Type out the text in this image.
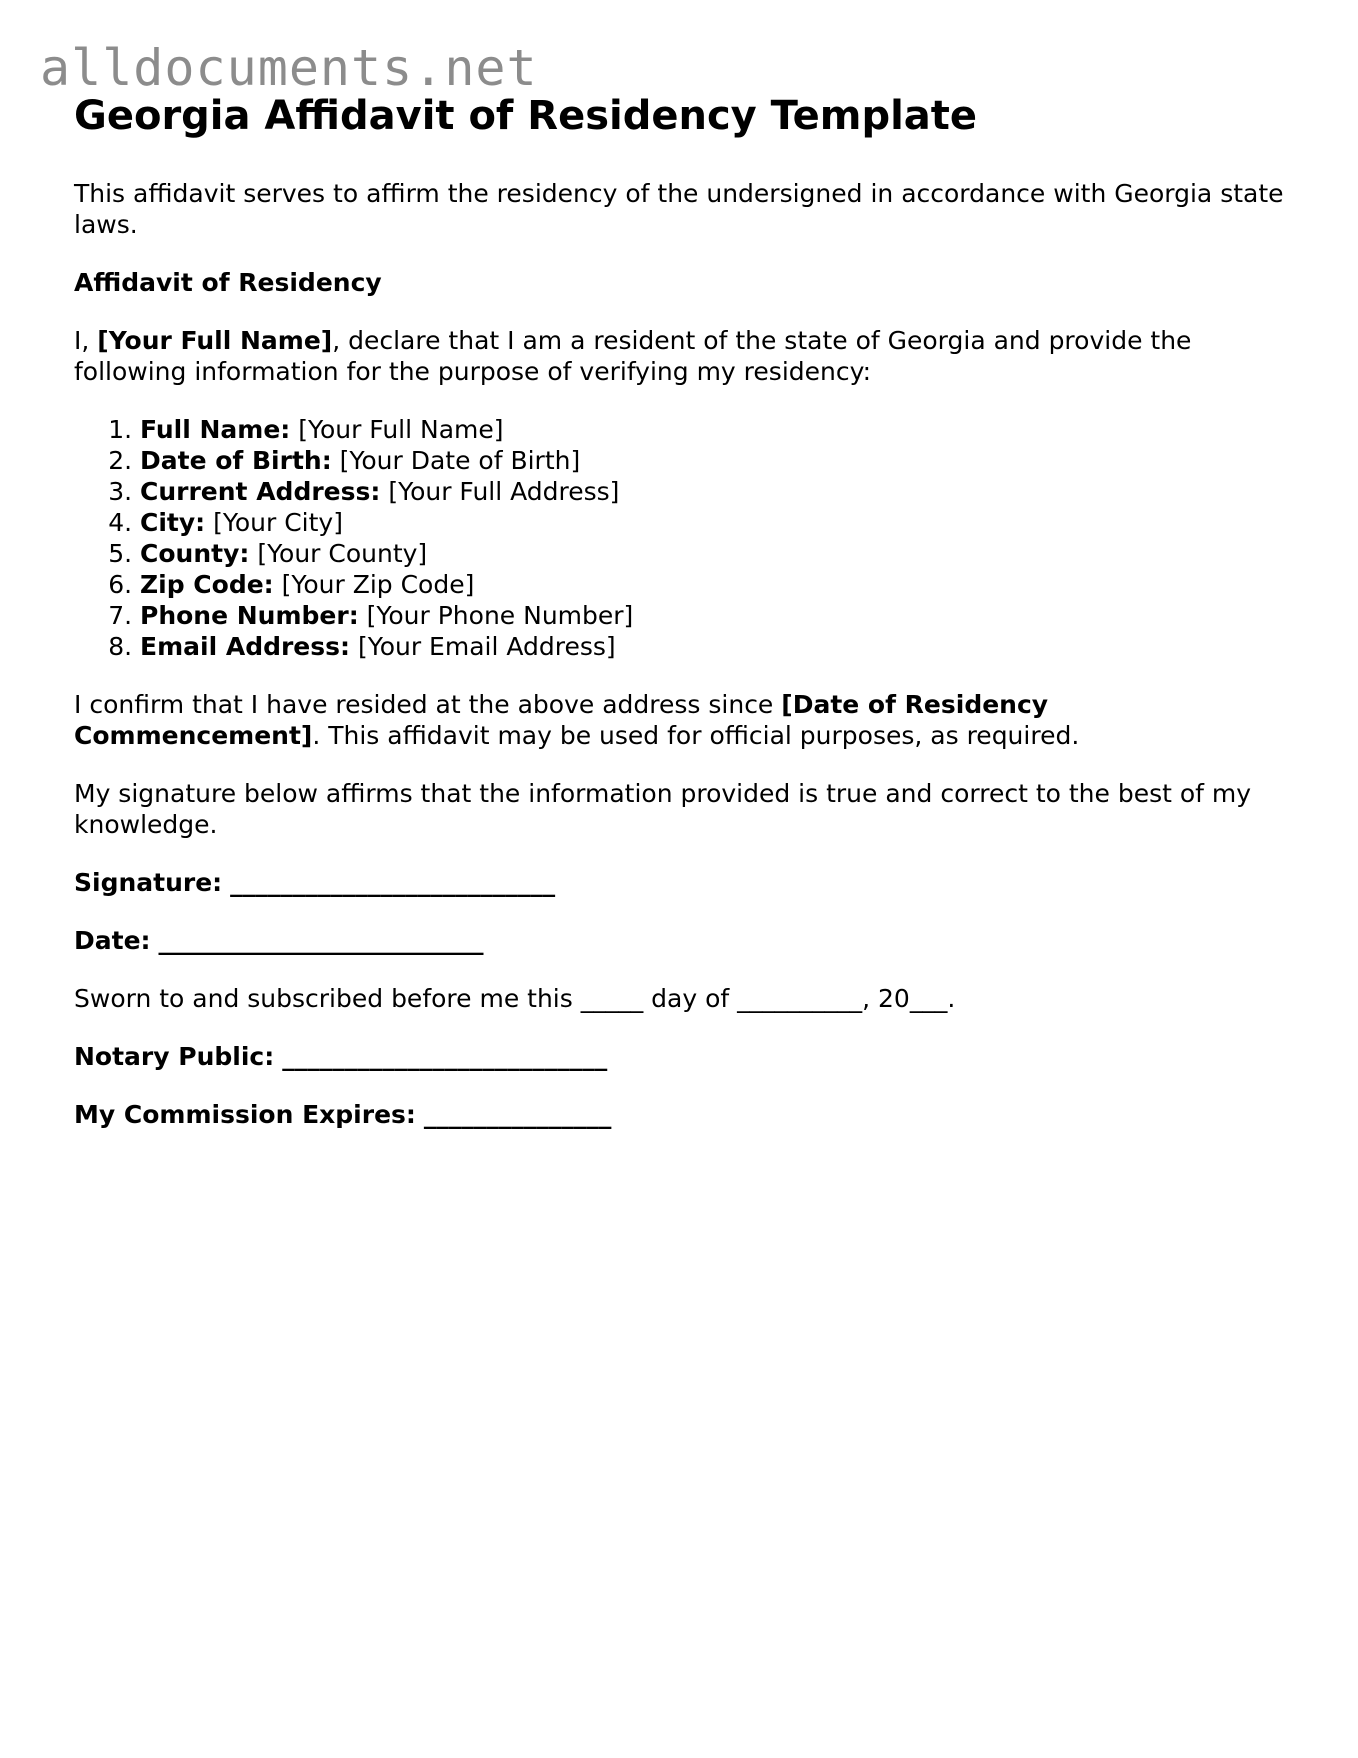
alldocuments.net
Georgia Affidavit of Residency Template

This affidavit serves to affirm the residency of the undersigned in accordance with Georgia state laws.

Affidavit of Residency

I, [Your Full Name], declare that I am a resident of the state of Georgia and provide the following information for the purpose of verifying my residency:

1. Full Name: [Your Full Name]
2. Date of Birth: [Your Date of Birth]
3. Current Address: [Your Full Address]
4. City: [Your City]
5. County: [Your County]
6. Zip Code: [Your Zip Code]
7. Phone Number: [Your Phone Number]
8. Email Address: [Your Email Address]

I confirm that I have resided at the above address since [Date of Residency Commencement]. This affidavit may be used for official purposes, as required.

My signature below affirms that the information provided is true and correct to the best of my knowledge.

Signature: __________________________

Date: __________________________

Sworn to and subscribed before me this _____ day of __________, 20___.

Notary Public: __________________________

My Commission Expires: _______________
